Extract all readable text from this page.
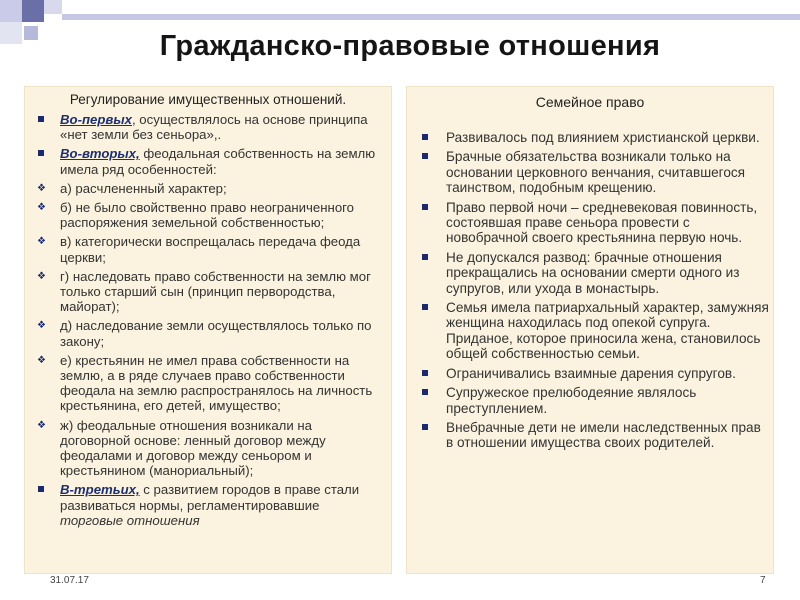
Гражданско-правовые отношения
Регулирование имущественных отношений.
Во-первых, осуществлялось на основе принципа «нет земли без сеньора»,.
Во-вторых, феодальная собственность на землю имела ряд особенностей:
❖ а) расчлененный характер;
❖ б) не было свойственно право неограниченного распоряжения земельной собственностью;
❖ в) категорически воспрещалась передача феода церкви;
❖ г) наследовать право собственности на землю мог только старший сын (принцип первородства, майорат);
❖ д) наследование земли осуществлялось только по закону;
❖ е) крестьянин не имел права собственности на землю, а в ряде случаев право собственности феодала на землю распространялось на личность крестьянина, его детей, имущество;
❖ ж) феодальные отношения возникали на договорной основе: ленный договор между феодалами и договор между сеньором и крестьянином (манориальный);
В-третьих, с развитием городов в праве стали развиваться нормы, регламентировавшие торговые отношения
Семейное право
Развивалось под влиянием христианской церкви.
Брачные обязательства возникали только на основании церковного венчания, считавшегося таинством, подобным крещению.
Право первой ночи – средневековая повинность, состоявшая праве сеньора провести с новобрачной своего крестьянина первую ночь.
Не допускался развод: брачные отношения прекращались на основании смерти одного из супругов, или ухода в монастырь.
Семья имела патриархальный характер, замужняя женщина находилась под опекой супруга. Приданое, которое приносила жена, становилось общей собственностью семьи.
Ограничивались взаимные дарения супругов.
Супружеское прелюбодеяние являлось преступлением.
Внебрачные дети не имели наследственных прав в отношении имущества своих родителей.
31.07.17	7
